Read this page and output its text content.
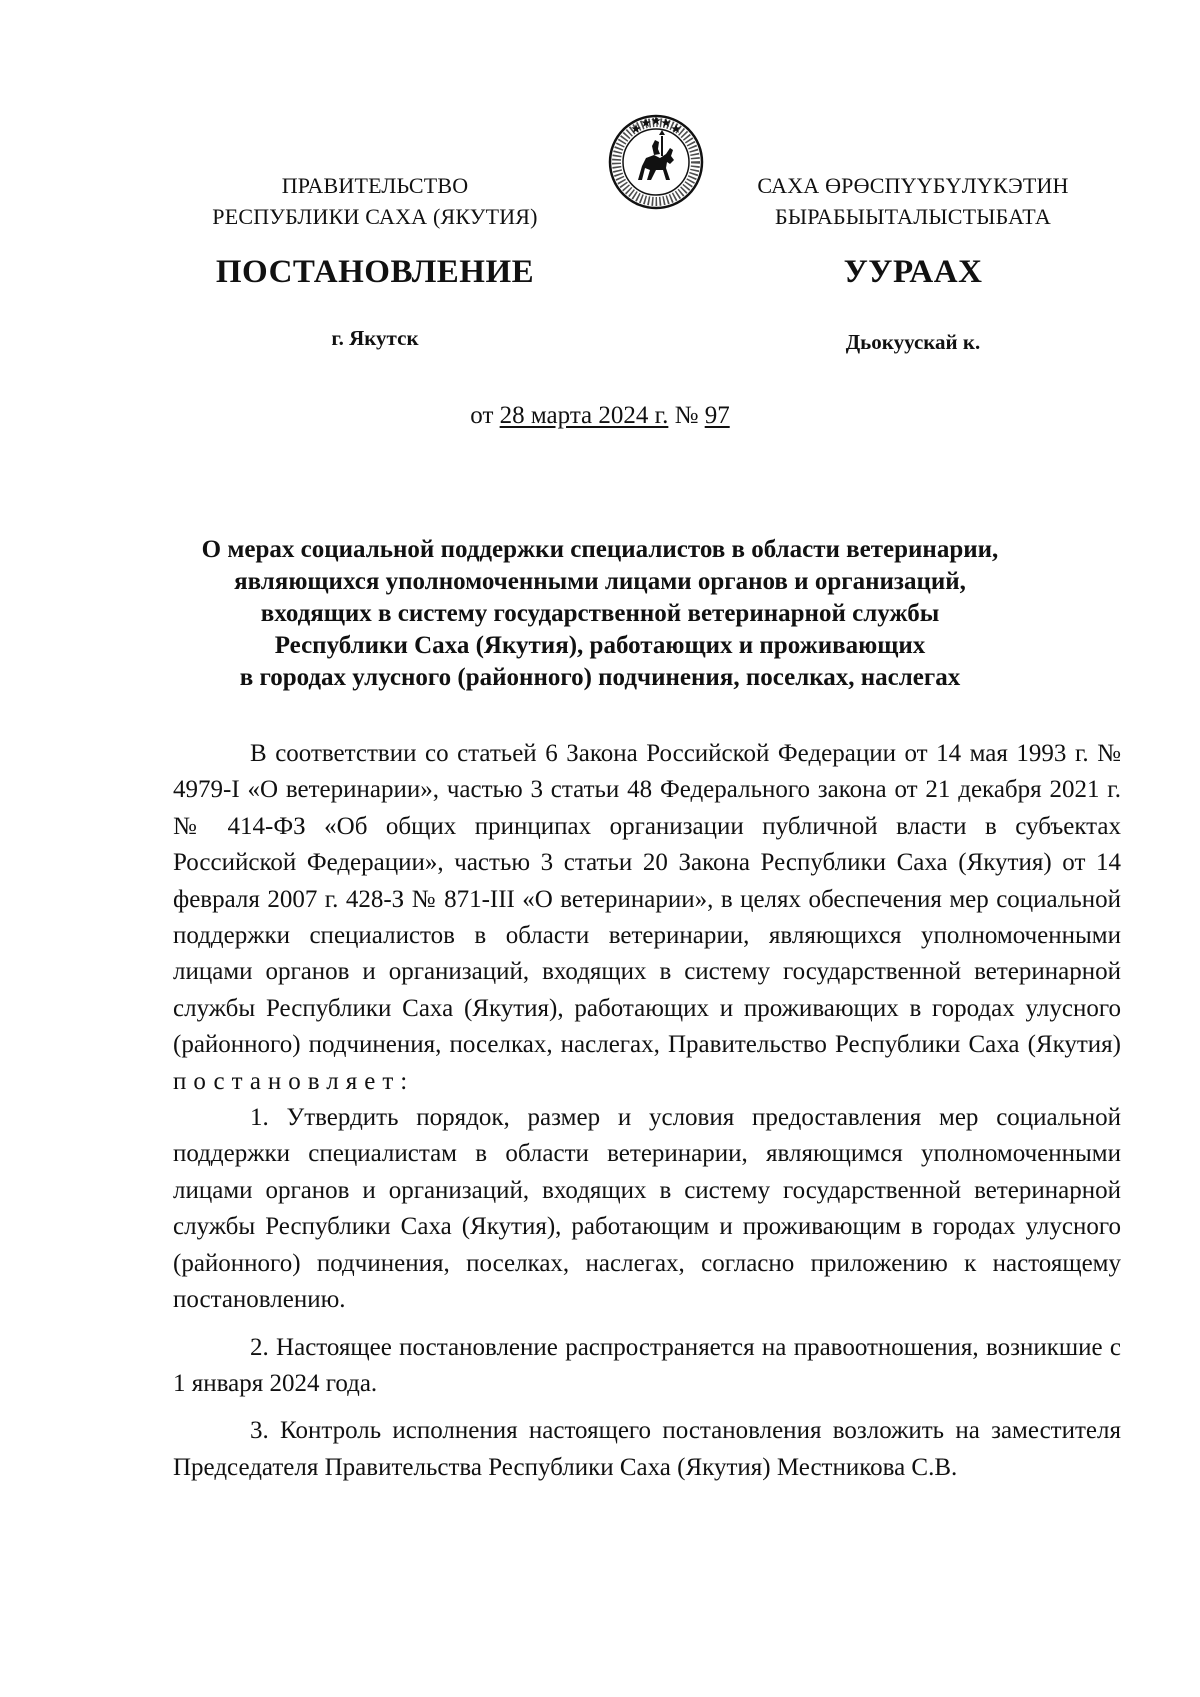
ПРАВИТЕЛЬСТВО
РЕСПУБЛИКИ САХА (ЯКУТИЯ)
САХА ӨРӨСПҮҮБҮЛҮКЭТИН
БЫРАБЫЫТАЛЫСТЫБАТА
ПОСТАНОВЛЕНИЕ	УУРААХ
г. Якутск	Дьокуускай к.
от 28 марта 2024 г. № 97
О мерах социальной поддержки специалистов в области ветеринарии,
являющихся уполномоченными лицами органов и организаций,
входящих в систему государственной ветеринарной службы
Республики Саха (Якутия), работающих и проживающих
в городах улусного (районного) подчинения, поселках, наслегах

В соответствии со статьей 6 Закона Российской Федерации от 14 мая 1993 г. № 4979-I «О ветеринарии», частью 3 статьи 48 Федерального закона от 21 декабря 2021 г. № 414-ФЗ «Об общих принципах организации публичной власти в субъектах Российской Федерации», частью 3 статьи 20 Закона Республики Саха (Якутия) от 14 февраля 2007 г. 428-З № 871-III «О ветеринарии», в целях обеспечения мер социальной поддержки специалистов в области ветеринарии, являющихся уполномоченными лицами органов и организаций, входящих в систему государственной ветеринарной службы Республики Саха (Якутия), работающих и проживающих в городах улусного (районного) подчинения, поселках, наслегах, Правительство Республики Саха (Якутия) постановляет:

1. Утвердить порядок, размер и условия предоставления мер социальной поддержки специалистам в области ветеринарии, являющимся уполномоченными лицами органов и организаций, входящих в систему государственной ветеринарной службы Республики Саха (Якутия), работающим и проживающим в городах улусного (районного) подчинения, поселках, наслегах, согласно приложению к настоящему постановлению.

2. Настоящее постановление распространяется на правоотношения, возникшие с 1 января 2024 года.

3. Контроль исполнения настоящего постановления возложить на заместителя Председателя Правительства Республики Саха (Якутия) Местникова С.В.
